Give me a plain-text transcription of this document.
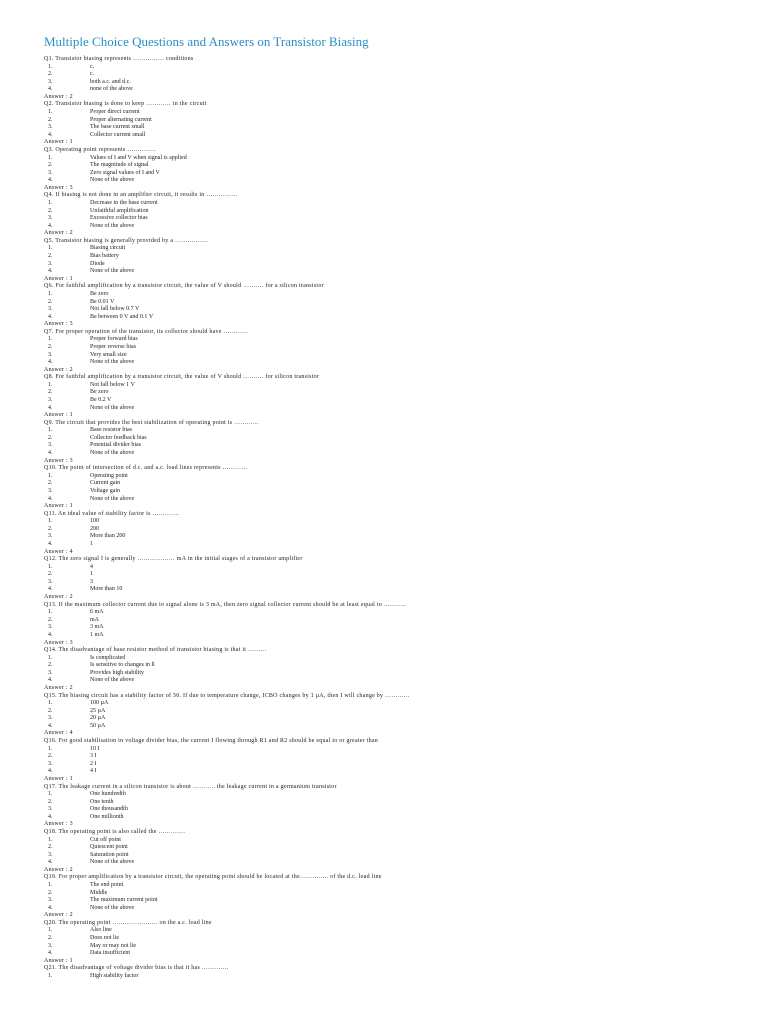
Multiple Choice Questions and Answers on Transistor Biasing
Q1. Transistor biasing represents …………… conditions
1.	c.
2.	c.
3.	both a.c. and d.c.
4.	none of the above
Answer : 2
Q2. Transistor biasing is done to keep ………… in the circuit
1.	Proper direct current
2.	Proper alternating current
3.	The base current small
4.	Collector current small
Answer : 1
Q3. Operating point represents …………..
1.	Values of I and V when signal is applied
2.	The magnitude of signal
3.	Zero signal values of I and V
4.	None of the above
Answer : 3
Q4. If biasing is not done in an amplifier circuit, it results in ……………
1.	Decrease in the base current
2.	Unfaithful amplification
3.	Excessive collector bias
4.	None of the above
Answer : 2
Q5. Transistor biasing is generally provided by a …………….
1.	Biasing circuit
2.	Bias battery
3.	Diode
4.	None of the above
Answer : 1
Q6. For faithful amplification by a transistor circuit, the value of V should ………. for a silicon transistor
1.	Be zero
2.	Be 0.01 V
3.	Not fall below 0.7 V
4.	Be between 0 V and 0.1 V
Answer : 3
Q7. For proper operation of the transistor, its collector should have …………
1.	Proper forward bias
2.	Proper reverse bias
3.	Very small size
4.	None of the above
Answer : 2
Q8. For faithful amplification by a transistor circuit, the value of V should ………. for silicon transistor
1.	Not fall below 1 V
2.	Be zero
3.	Be 0.2 V
4.	None of the above
Answer : 1
Q9. The circuit that provides the best stabilization of operating point is …………
1.	Base resistor bias
2.	Collector feedback bias
3.	Potential divider bias
4.	None of the above
Answer : 3
Q10. The point of intersection of d.c. and a.c. load lines represents …………
1.	Operating point
2.	Current gain
3.	Voltage gain
4.	None of the above
Answer : 1
Q11. An ideal value of stability factor is ………….
1.	100
2.	200
3.	More than 200
4.	1
Answer : 4
Q12. The zero signal I is generally ……………… mA in the initial stages of a transistor amplifier
1.	4
2.	1
3.	3
4.	More than 10
Answer : 2
Q13. If the maximum collector current due to signal alone is 3 mA, then zero signal collector current should be at least equal to ………..
1.	6 mA
2.	mA
3.	3 mA
4.	1 mA
Answer : 3
Q14. The disadvantage of base resistor method of transistor biasing is that it ………
1.	Is complicated
2.	Is sensitive to changes in ß
3.	Provides high stability
4.	None of the above
Answer : 2
Q15. The biasing circuit has a stability factor of 50. If due to temperature change, ICBO changes by 1 µA, then I will change by …………
1.	100 µA
2.	25 µA
3.	20 µA
4.	50 µA
Answer : 4
Q16. For good stabilisation in voltage divider bias, the current I flowing through R1 and R2 should be equal to or greater than
1.	10 I
2.	3 I
3.	2 I
4.	4 I
Answer : 1
Q17. The leakage current in a silicon transistor is about ……….. the leakage current in a germanium transistor
1.	One hundredth
2.	One tenth
3.	One thousandth
4.	One millionth
Answer : 3
Q18. The operating point is also called the ………….
1.	Cut off point
2.	Quiescent point
3.	Saturation point
4.	None of the above
Answer : 2
Q19. For proper amplification by a transistor circuit, the operating point should be located at the………….. of the d.c. load line
1.	The end point
2.	Middle
3.	The maximum current point
4.	None of the above
Answer : 2
Q20. The operating point …………………. on the a.c. load line
1.	Also line
2.	Does not lie
3.	May or may not lie
4.	Data insufficient
Answer : 1
Q21. The disadvantage of voltage divider bias is that it has ………….
1.	High stability factor
